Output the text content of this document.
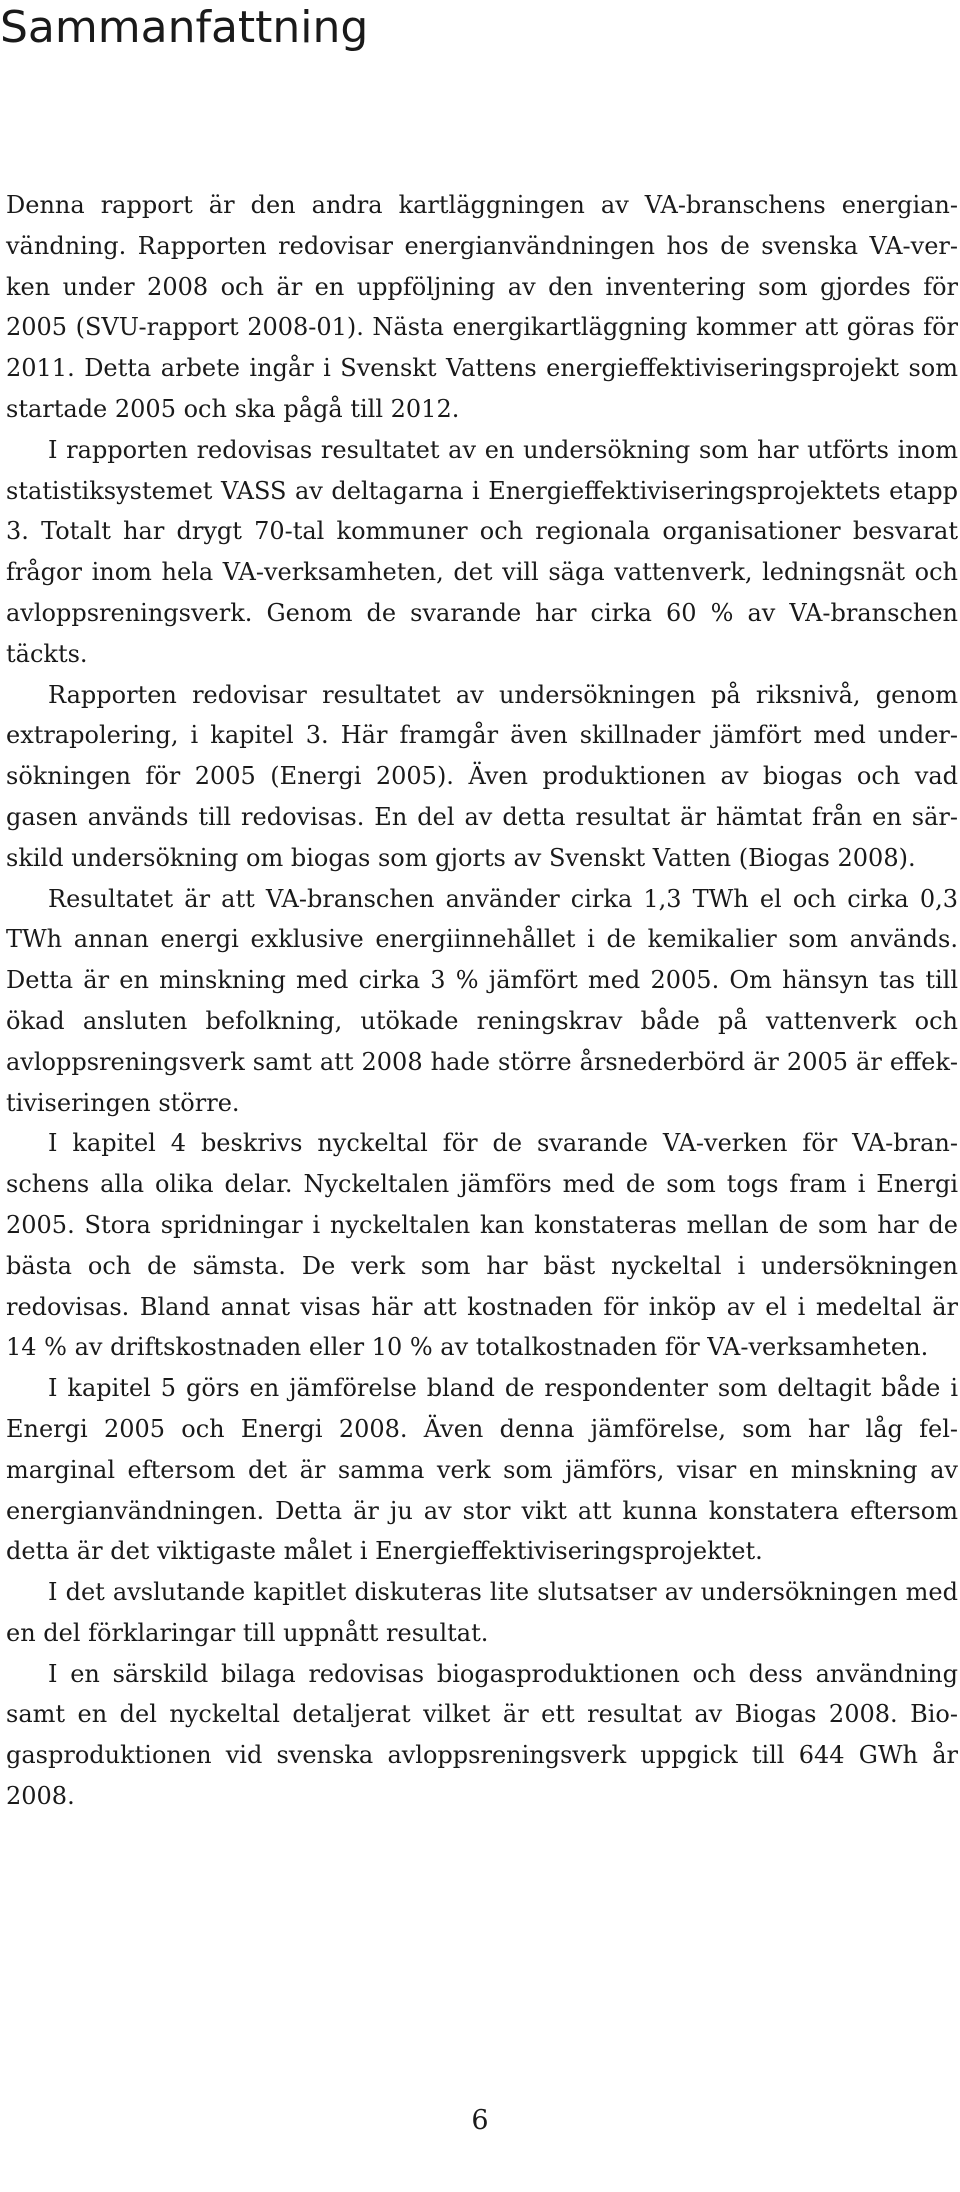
Sammanfattning

Denna rapport är den andra kartläggningen av VA-branschens energianvändning. Rapporten redovisar energianvändningen hos de svenska VA-verken under 2008 och är en uppföljning av den inventering som gjordes för 2005 (SVU-rapport 2008-01). Nästa energikartläggning kommer att göras för 2011. Detta arbete ingår i Svenskt Vattens energieffektiviseringsprojekt som startade 2005 och ska pågå till 2012.

I rapporten redovisas resultatet av en undersökning som har utförts inom statistiksystemet VASS av deltagarna i Energieffektiviseringsprojektets etapp 3. Totalt har drygt 70-tal kommuner och regionala organisationer besvarat frågor inom hela VA-verksamheten, det vill säga vattenverk, ledningsnät och avloppsreningsverk. Genom de svarande har cirka 60 % av VA-branschen täckts.

Rapporten redovisar resultatet av undersökningen på riksnivå, genom extrapolering, i kapitel 3. Här framgår även skillnader jämfört med undersökningen för 2005 (Energi 2005). Även produktionen av biogas och vad gasen används till redovisas. En del av detta resultat är hämtat från en särskild undersökning om biogas som gjorts av Svenskt Vatten (Biogas 2008).

Resultatet är att VA-branschen använder cirka 1,3 TWh el och cirka 0,3 TWh annan energi exklusive energiinnehållet i de kemikalier som används. Detta är en minskning med cirka 3 % jämfört med 2005. Om hänsyn tas till ökad ansluten befolkning, utökade reningskrav både på vattenverk och avloppsreningsverk samt att 2008 hade större årsnederbörd är 2005 är effektiviseringen större.

I kapitel 4 beskrivs nyckeltal för de svarande VA-verken för VA-branschens alla olika delar. Nyckeltalen jämförs med de som togs fram i Energi 2005. Stora spridningar i nyckeltalen kan konstateras mellan de som har de bästa och de sämsta. De verk som har bäst nyckeltal i undersökningen redovisas. Bland annat visas här att kostnaden för inköp av el i medeltal är 14 % av driftskostnaden eller 10 % av totalkostnaden för VA-verksamheten.

I kapitel 5 görs en jämförelse bland de respondenter som deltagit både i Energi 2005 och Energi 2008. Även denna jämförelse, som har låg felmarginal eftersom det är samma verk som jämförs, visar en minskning av energianvändningen. Detta är ju av stor vikt att kunna konstatera eftersom detta är det viktigaste målet i Energieffektiviseringsprojektet.

I det avslutande kapitlet diskuteras lite slutsatser av undersökningen med en del förklaringar till uppnått resultat.

I en särskild bilaga redovisas biogasproduktionen och dess användning samt en del nyckeltal detaljerat vilket är ett resultat av Biogas 2008. Biogasproduktionen vid svenska avloppsreningsverk uppgick till 644 GWh år 2008.

6
